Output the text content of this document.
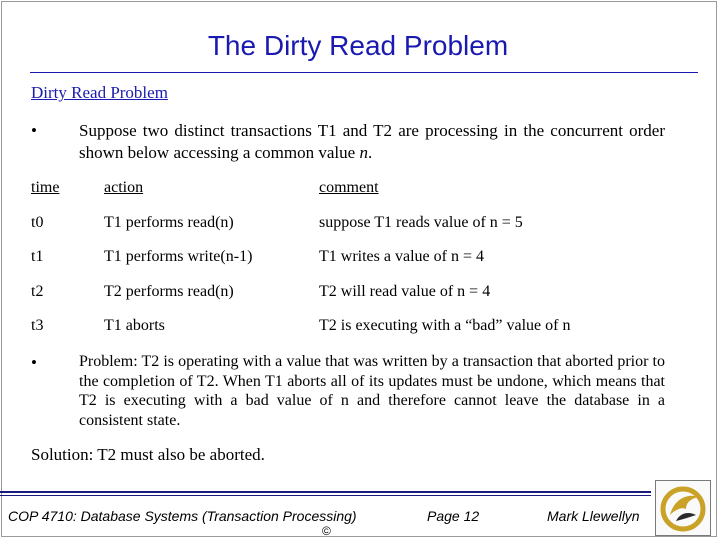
The Dirty Read Problem
Dirty Read Problem
• Suppose two distinct transactions T1 and T2 are processing in the concurrent order shown below accessing a common value n.
time	action	comment
t0	T1 performs read(n)	suppose T1 reads value of n = 5
t1	T1 performs write(n-1)	T1 writes a value of n = 4
t2	T2 performs read(n)	T2 will read value of n = 4
t3	T1 aborts	T2 is executing with a “bad” value of n
•	Problem: T2 is operating with a value that was written by a transaction that aborted prior to the completion of T2. When T1 aborts all of its updates must be undone, which means that T2 is executing with a bad value of n and therefore cannot leave the database in a consistent state.
Solution: T2 must also be aborted.
COP 4710: Database Systems (Transaction Processing)	Page 12	Mark Llewellyn
©
